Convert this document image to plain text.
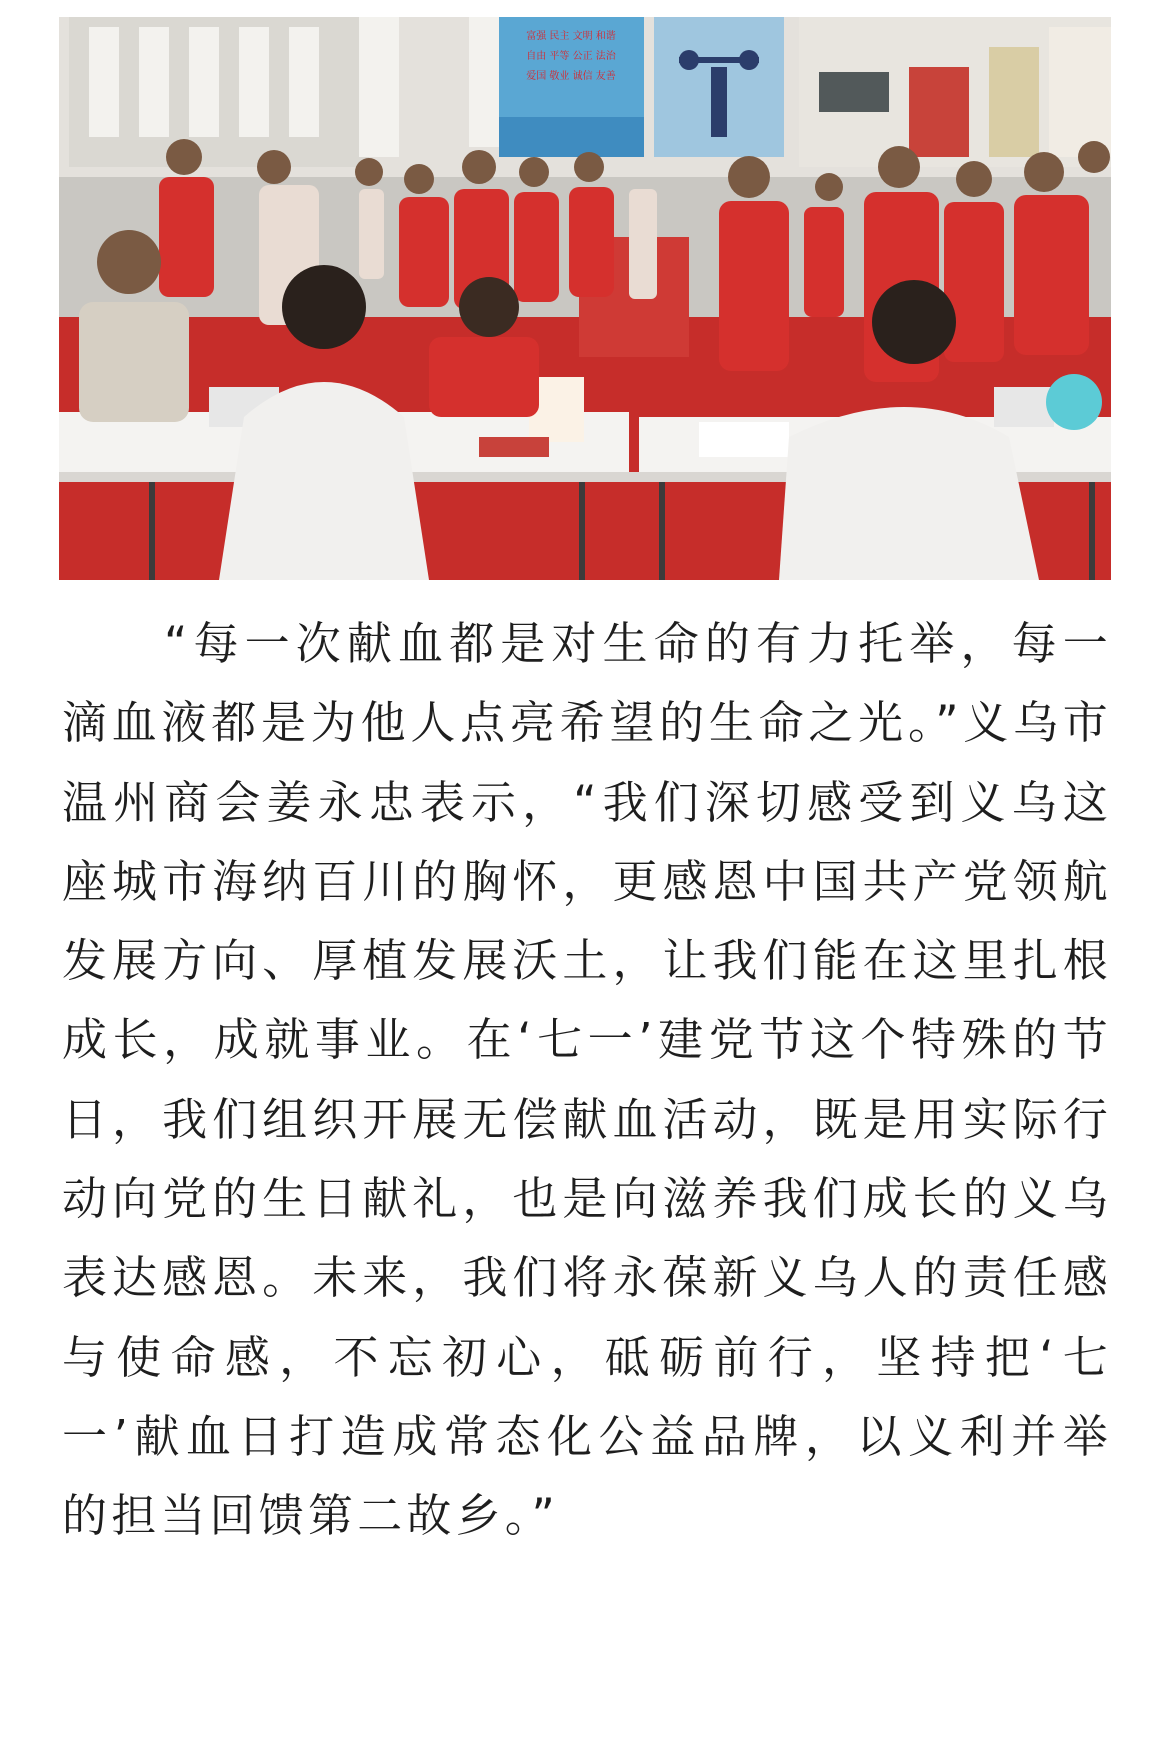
富强 民主 文明 和谐
自由 平等 公正 法治
爱国 敬业 诚信 友善

“每一次献血都是对生命的有力托举，每一滴血液都是为他人点亮希望的生命之光。”义乌市温州商会姜永忠表示，“我们深切感受到义乌这座城市海纳百川的胸怀，更感恩中国共产党领航发展方向、厚植发展沃土，让我们能在这里扎根成长，成就事业。在‘七一’建党节这个特殊的节日，我们组织开展无偿献血活动，既是用实际行动向党的生日献礼，也是向滋养我们成长的义乌表达感恩。未来，我们将永葆新义乌人的责任感与使命感，不忘初心，砥砺前行，坚持把‘七一’献血日打造成常态化公益品牌，以义利并举的担当回馈第二故乡。”
